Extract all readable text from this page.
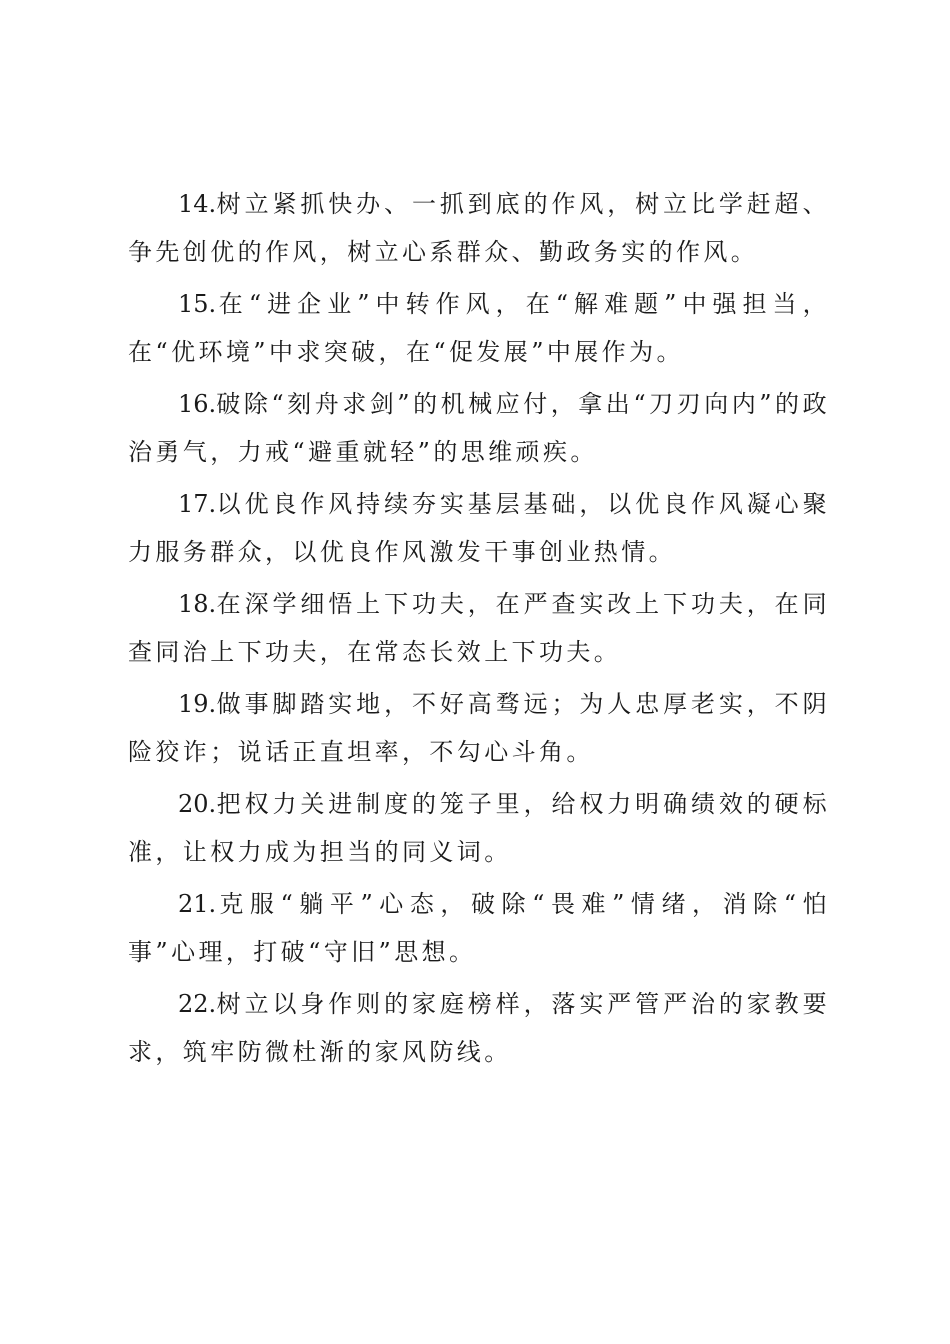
14.树立紧抓快办、一抓到底的作风，树立比学赶超、争先创优的作风，树立心系群众、勤政务实的作风。

15.在“进企业”中转作风，在“解难题”中强担当，在“优环境”中求突破，在“促发展”中展作为。

16.破除“刻舟求剑”的机械应付，拿出“刀刃向内”的政治勇气，力戒“避重就轻”的思维顽疾。

17.以优良作风持续夯实基层基础，以优良作风凝心聚力服务群众，以优良作风激发干事创业热情。

18.在深学细悟上下功夫，在严查实改上下功夫，在同查同治上下功夫，在常态长效上下功夫。

19.做事脚踏实地，不好高骛远；为人忠厚老实，不阴险狡诈；说话正直坦率，不勾心斗角。

20.把权力关进制度的笼子里，给权力明确绩效的硬标准，让权力成为担当的同义词。

21.克服“躺平”心态，破除“畏难”情绪，消除“怕事”心理，打破“守旧”思想。

22.树立以身作则的家庭榜样，落实严管严治的家教要求，筑牢防微杜渐的家风防线。
